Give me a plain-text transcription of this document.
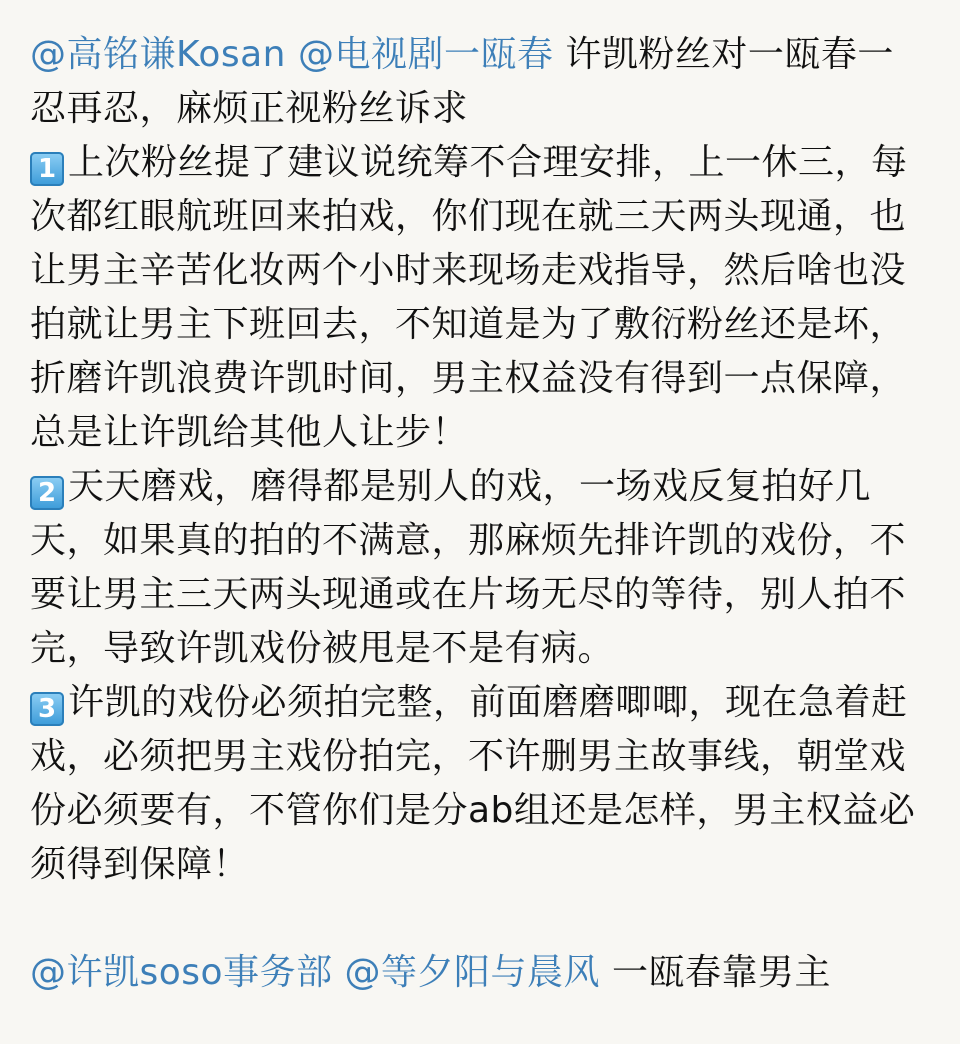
@高铭谦Kosan @电视剧一瓯春 许凯粉丝对一瓯春一忍再忍，麻烦正视粉丝诉求

1 上次粉丝提了建议说统筹不合理安排，上一休三，每次都红眼航班回来拍戏，你们现在就三天两头现通，也让男主辛苦化妆两个小时来现场走戏指导，然后啥也没拍就让男主下班回去，不知道是为了敷衍粉丝还是坏，折磨许凯浪费许凯时间，男主权益没有得到一点保障，总是让许凯给其他人让步！

2 天天磨戏，磨得都是别人的戏，一场戏反复拍好几天，如果真的拍的不满意，那麻烦先排许凯的戏份，不要让男主三天两头现通或在片场无尽的等待，别人拍不完，导致许凯戏份被甩是不是有病。

3 许凯的戏份必须拍完整，前面磨磨唧唧，现在急着赶戏，必须把男主戏份拍完，不许删男主故事线，朝堂戏份必须要有，不管你们是分ab组还是怎样，男主权益必须得到保障！

@许凯soso事务部 @等夕阳与晨风 一瓯春靠男主
